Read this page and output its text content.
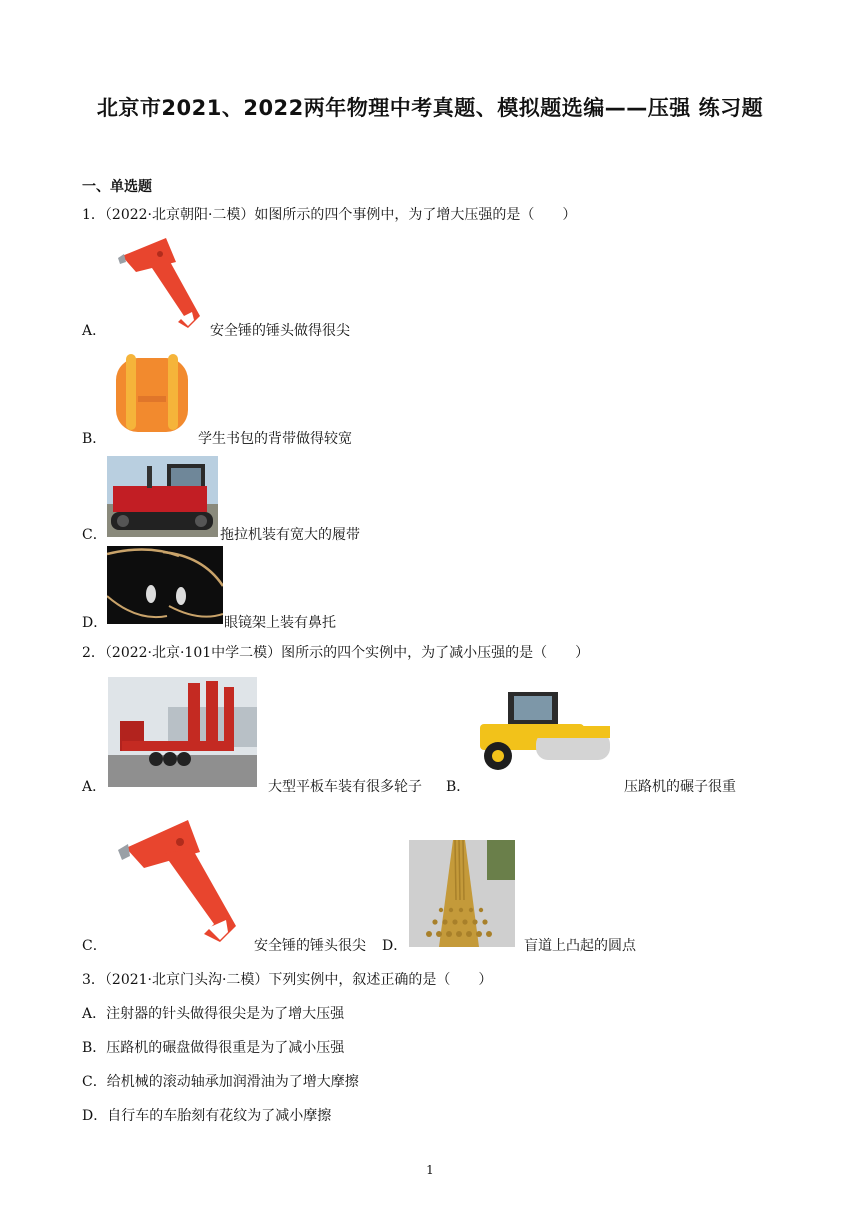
北京市2021、2022两年物理中考真题、模拟题选编——压强 练习题
一、单选题
1．（2022·北京朝阳·二模）如图所示的四个事例中，为了增大压强的是（　　）
A．	安全锤的锤头做得很尖
B．	学生书包的背带做得较宽
C．	拖拉机装有宽大的履带
D．	眼镜架上装有鼻托
2．（2022·北京·101中学二模）图所示的四个实例中，为了减小压强的是（　　）
A．	大型平板车装有很多轮子 B．	压路机的碾子很重
C．	安全锤的锤头很尖 D．	盲道上凸起的圆点
3．（2021·北京门头沟·二模）下列实例中，叙述正确的是（　　）
A．注射器的针头做得很尖是为了增大压强
B．压路机的碾盘做得很重是为了减小压强
C．给机械的滚动轴承加润滑油为了增大摩擦
D．自行车的车胎刻有花纹为了减小摩擦
1
